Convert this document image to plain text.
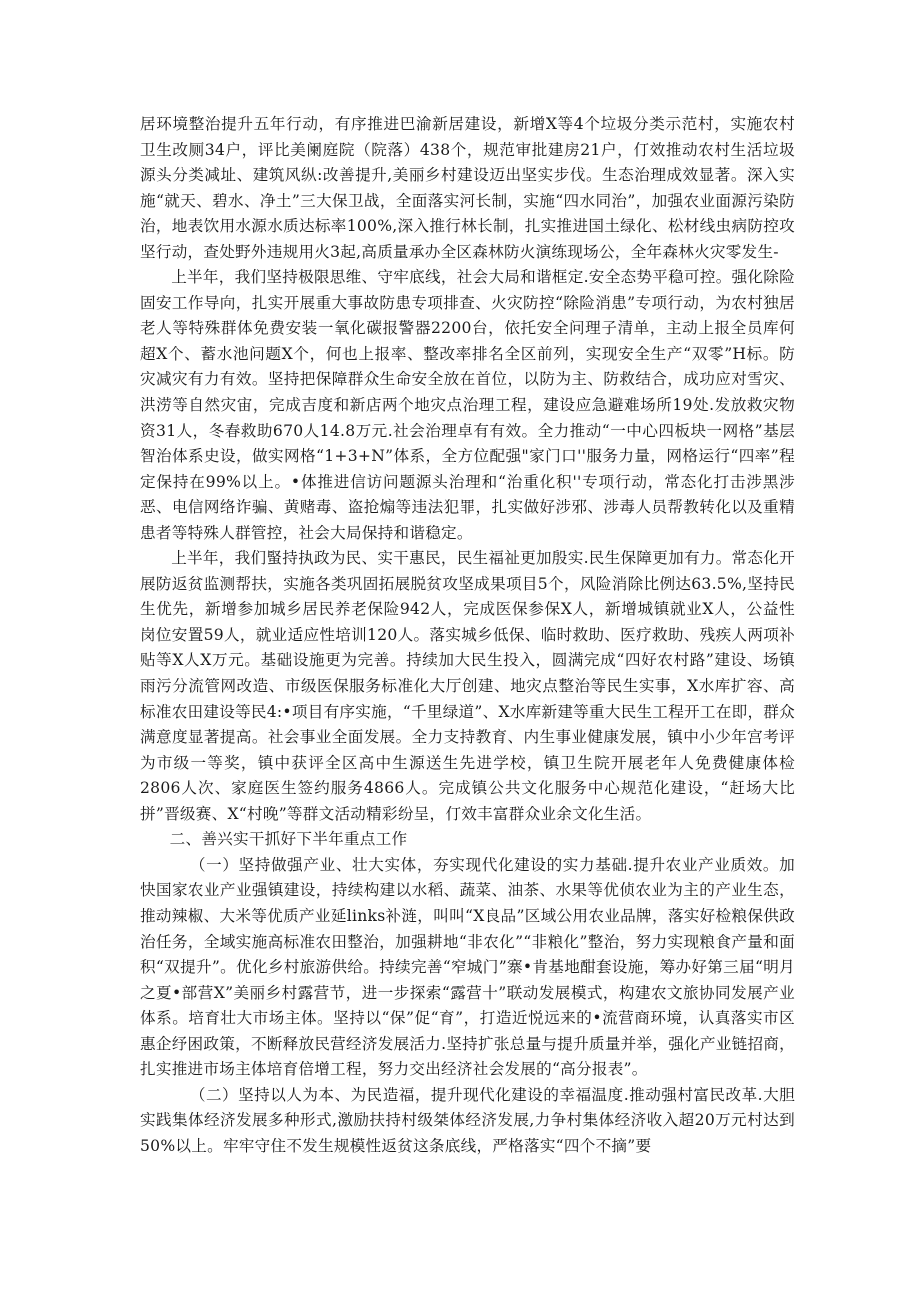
居环境整治提升五年行动，有序推进巴渝新居建设，新增X等4个垃圾分类示范村，实施农村卫生改厕34户，评比美阑庭院（院落）438个，规范审批建房21户，仃效推动农村生活垃圾源头分类减址、建筑风纵:改善提升,美丽乡村建设迈出坚实步伐。生态治理成效显著。深入实施“就天、碧水、净土”三大保卫战，全面落实河长制，实施“四水同治”，加强农业面源污染防治，地表饮用水源水质达标率100%,深入推行林长制，扎实推进国土绿化、松材线虫病防控攻坚行动，查处野外违规用火3起,高质量承办全区森林防火演练现场公，全年森林火灾零发生-

上半年，我们坚持极限思维、守牢底线，社会大局和谐框定.安全态势平稳可控。强化除险固安工作导向，扎实开展重大事故防患专项排查、火灾防控“除险消患”专项行动，为农村独居老人等特殊群体免费安装一氧化碳报警器2200台，依托安全问理子清单，主动上报全员库何超X个、蓄水池问题X个，何也上报率、整改率排名全区前列，实现安全生产“双零”H标。防灾减灾有力有效。坚持把保障群众生命安全放在首位，以防为主、防救结合，成功应对雪灾、洪涝等自然灾宙，完成吉度和新店两个地灾点治理工程，建设应急避难场所19处.发放救灾物资31人，冬春救助670人14.8万元.社会治理卓有有效。全力推动“一中心四板块一网格”基层智治体系史设，做实网格“1+3+N”体系，全方位配强"家门口''服务力量，网格运行“四率”程定保持在99%以上。•体推进信访问题源头治理和“治重化积''专项行动，常态化打击涉黑涉恶、电信网络诈骗、黄赌毒、盗抢煽等违法犯罪，扎实做好涉邪、涉毒人员帮教转化以及重精患者等特殊人群管控，社会大局保持和谐稳定。

上半年，我们蜸持执政为民、实干惠民，民生福祉更加殷实.民生保障更加有力。常态化开展防返贫监测帮扶，实施各类巩固拓展脱贫攻坚成果项目5个，风险消除比例达63.5%,坚持民生优先，新增参加城乡居民养老保险942人，完成医保参保X人，新增城镇就业X人，公益性岗位安置59人，就业适应性培训120人。落实城乡低保、临时救助、医疗救助、残疾人两项补贴等X人X万元。基础设施更为完善。持续加大民生投入，圆满完成“四好农村路”建设、场镇雨污分流管网改造、市级医保服务标准化大厅创建、地灾点整治等民生实事，X水库扩容、高标准农田建设等民4:•项目有序实施，“千里绿道”、X水库新建等重大民生工程开工在即，群众满意度显著提高。社会事业全面发展。全力支持教育、内生事业健康发展，镇中小少年宫考评为市级一等奖，镇中获评全区高中生源送生先进学校，镇卫生院开展老年人免费健康体检2806人次、家庭医生签约服务4866人。完成镇公共文化服务中心规范化建设，“赶场大比拼”晋级赛、X“村晚”等群文活动精彩纷呈，仃效丰富群众业余文化生活。

二、善兴实干抓好下半年重点工作

（一）坚持做强产业、壮大实体，夯实现代化建设的实力基础.提升农业产业质效。加快国家农业产业强镇建设，持续构建以水稻、蔬菜、油茶、水果等优侦农业为主的产业生态，推动辣椒、大米等优质产业延links补涟，叫叫“X良品”区域公用农业品牌，落实好检粮保供政治任务，全域实施高标准农田整治，加强耕地“非农化”“非粮化”整治，努力实现粮食产量和面积“双提升”。优化乡村旅游供给。持续完善“窄城门”寨•肯基地酣套设施，筹办好第三届“明月之夏•部营X”美丽乡村露营节，进一步探索“露营十”联动发展模式，构建农文旅协同发展产业体系。培育壮大市场主体。坚持以“保”促“育”，打造近悦远来的•流营商环境，认真落实市区惠企纾困政策，不断释放民营经济发展活力.坚持扩张总量与提升质量并举，强化产业链招商，扎实推进市场主体培育倍增工程，努力交出经济社会发展的“高分报表”。

（二）坚持以人为本、为民造福，提升现代化建设的幸福温度.推动强村富民改革.大胆实践集体经济发展多种形式,激励扶持村级桀体经济发展,力争村集体经济收入超20万元村达到50%以上。牢牢守住不发生规模性返贫这条底线，严格落实“四个不摘”要
